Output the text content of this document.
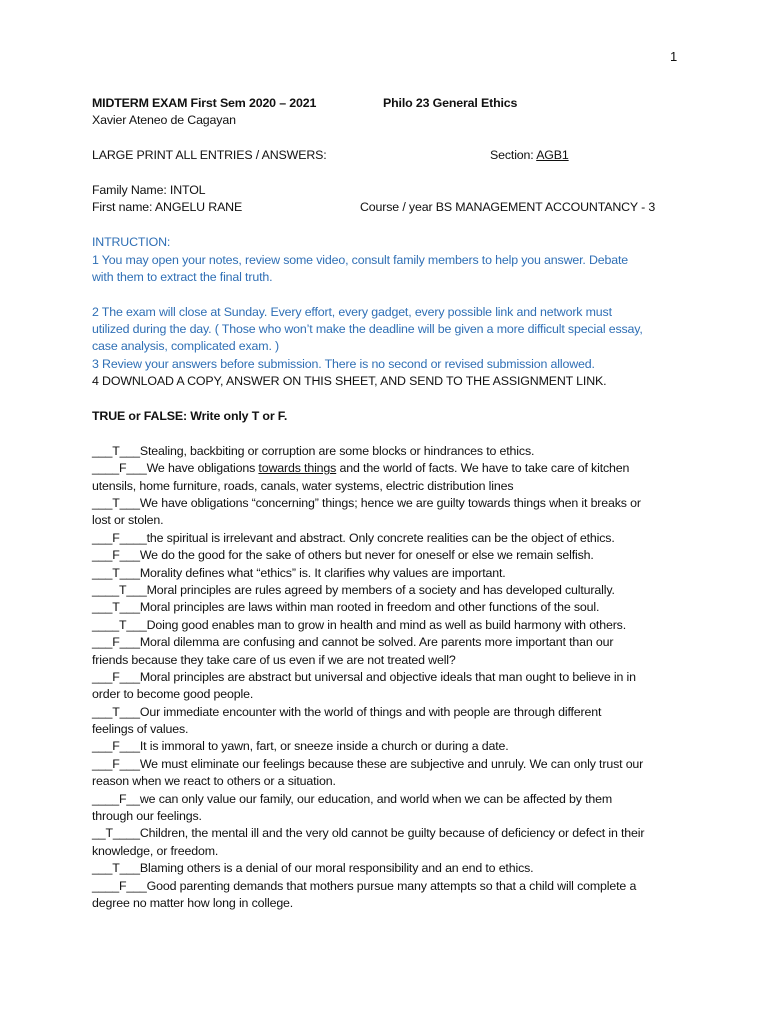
1
MIDTERM EXAM First Sem 2020 – 2021	Philo 23 General Ethics
Xavier Ateneo de Cagayan
LARGE PRINT ALL ENTRIES / ANSWERS:	Section: AGB1
Family Name: INTOL
First name: ANGELU RANE	Course / year BS MANAGEMENT ACCOUNTANCY - 3
INTRUCTION:
1 You may open your notes, review some video, consult family members to help you answer. Debate
with them to extract the final truth.
2 The exam will close at Sunday. Every effort, every gadget, every possible link and network must
utilized during the day. ( Those who won’t make the deadline will be given a more difficult special essay,
case analysis, complicated exam. )
3 Review your answers before submission. There is no second or revised submission allowed.
4 DOWNLOAD A COPY, ANSWER ON THIS SHEET, AND SEND TO THE ASSIGNMENT LINK.
TRUE or FALSE: Write only T or F.
___T___Stealing, backbiting or corruption are some blocks or hindrances to ethics.
____F___We have obligations towards things and the world of facts. We have to take care of kitchen
utensils, home furniture, roads, canals, water systems, electric distribution lines
___T___We have obligations “concerning” things; hence we are guilty towards things when it breaks or
lost or stolen.
___F____the spiritual is irrelevant and abstract. Only concrete realities can be the object of ethics.
___F___We do the good for the sake of others but never for oneself or else we remain selfish.
___T___Morality defines what “ethics” is. It clarifies why values are important.
____T___Moral principles are rules agreed by members of a society and has developed culturally.
___T___Moral principles are laws within man rooted in freedom and other functions of the soul.
____T___Doing good enables man to grow in health and mind as well as build harmony with others.
___F___Moral dilemma are confusing and cannot be solved. Are parents more important than our
friends because they take care of us even if we are not treated well?
___F___Moral principles are abstract but universal and objective ideals that man ought to believe in in
order to become good people.
___T___Our immediate encounter with the world of things and with people are through different
feelings of values.
___F___It is immoral to yawn, fart, or sneeze inside a church or during a date.
___F___We must eliminate our feelings because these are subjective and unruly. We can only trust our
reason when we react to others or a situation.
____F__we can only value our family, our education, and world when we can be affected by them
through our feelings.
__T____Children, the mental ill and the very old cannot be guilty because of deficiency or defect in their
knowledge, or freedom.
___T___Blaming others is a denial of our moral responsibility and an end to ethics.
____F___Good parenting demands that mothers pursue many attempts so that a child will complete a
degree no matter how long in college.
